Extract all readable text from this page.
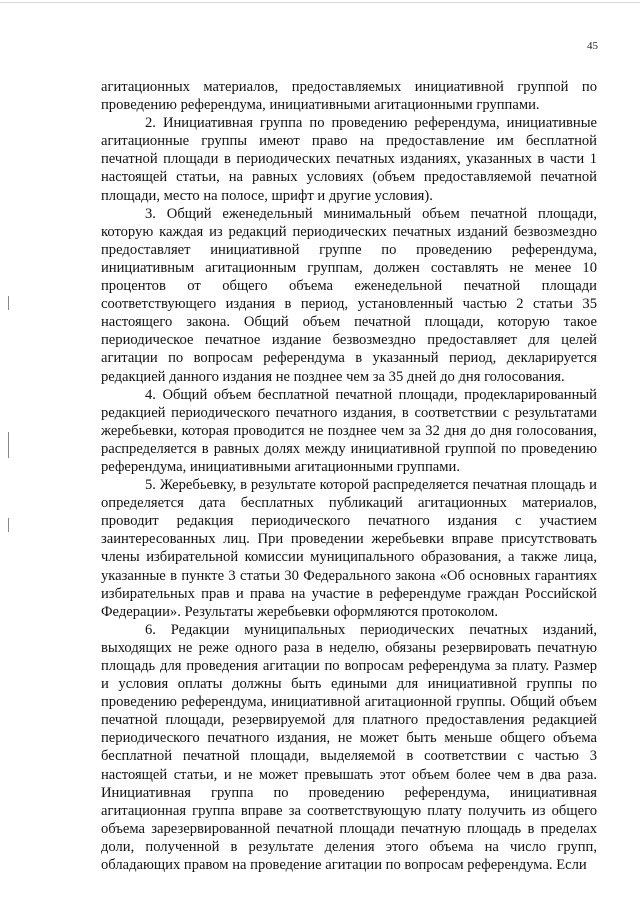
45

агитационных материалов, предоставляемых инициативной группой по проведению референдума, инициативными агитационными группами.

2. Инициативная группа по проведению референдума, инициативные агитационные группы имеют право на предоставление им бесплатной печатной площади в периодических печатных изданиях, указанных в части 1 настоящей статьи, на равных условиях (объем предоставляемой печатной площади, место на полосе, шрифт и другие условия).

3. Общий еженедельный минимальный объем печатной площади, которую каждая из редакций периодических печатных изданий безвозмездно предоставляет инициативной группе по проведению референдума, инициативным агитационным группам, должен составлять не менее 10 процентов от общего объема еженедельной печатной площади соответствующего издания в период, установленный частью 2 статьи 35 настоящего закона. Общий объем печатной площади, которую такое периодическое печатное издание безвозмездно предоставляет для целей агитации по вопросам референдума в указанный период, декларируется редакцией данного издания не позднее чем за 35 дней до дня голосования.

4. Общий объем бесплатной печатной площади, продекларированный редакцией периодического печатного издания, в соответствии с результатами жеребьевки, которая проводится не позднее чем за 32 дня до дня голосования, распределяется в равных долях между инициативной группой по проведению референдума, инициативными агитационными группами.

5. Жеребьевку, в результате которой распределяется печатная площадь и определяется дата бесплатных публикаций агитационных материалов, проводит редакция периодического печатного издания с участием заинтересованных лиц. При проведении жеребьевки вправе присутствовать члены избирательной комиссии муниципального образования, а также лица, указанные в пункте 3 статьи 30 Федерального закона «Об основных гарантиях избирательных прав и права на участие в референдуме граждан Российской Федерации». Результаты жеребьевки оформляются протоколом.

6. Редакции муниципальных периодических печатных изданий, выходящих не реже одного раза в неделю, обязаны резервировать печатную площадь для проведения агитации по вопросам референдума за плату. Размер и условия оплаты должны быть едиными для инициативной группы по проведению референдума, инициативной агитационной группы. Общий объем печатной площади, резервируемой для платного предоставления редакцией периодического печатного издания, не может быть меньше общего объема бесплатной печатной площади, выделяемой в соответствии с частью 3 настоящей статьи, и не может превышать этот объем более чем в два раза. Инициативная группа по проведению референдума, инициативная агитационная группа вправе за соответствующую плату получить из общего объема зарезервированной печатной площади печатную площадь в пределах доли, полученной в результате деления этого объема на число групп, обладающих правом на проведение агитации по вопросам референдума. Если
